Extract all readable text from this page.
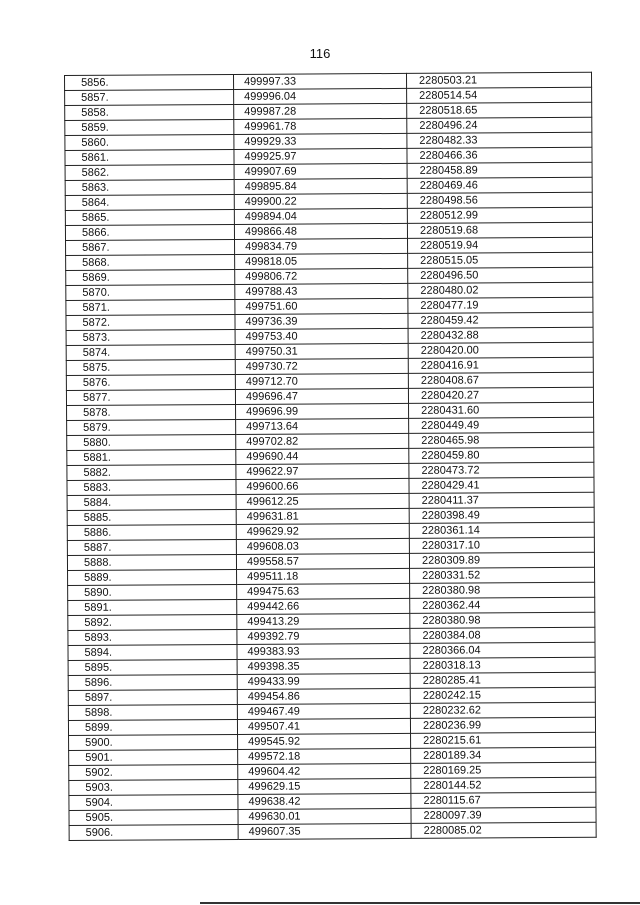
116
5856.	499997.33	2280503.21
5857.	499996.04	2280514.54
5858.	499987.28	2280518.65
5859.	499961.78	2280496.24
5860.	499929.33	2280482.33
5861.	499925.97	2280466.36
5862.	499907.69	2280458.89
5863.	499895.84	2280469.46
5864.	499900.22	2280498.56
5865.	499894.04	2280512.99
5866.	499866.48	2280519.68
5867.	499834.79	2280519.94
5868.	499818.05	2280515.05
5869.	499806.72	2280496.50
5870.	499788.43	2280480.02
5871.	499751.60	2280477.19
5872.	499736.39	2280459.42
5873.	499753.40	2280432.88
5874.	499750.31	2280420.00
5875.	499730.72	2280416.91
5876.	499712.70	2280408.67
5877.	499696.47	2280420.27
5878.	499696.99	2280431.60
5879.	499713.64	2280449.49
5880.	499702.82	2280465.98
5881.	499690.44	2280459.80
5882.	499622.97	2280473.72
5883.	499600.66	2280429.41
5884.	499612.25	2280411.37
5885.	499631.81	2280398.49
5886.	499629.92	2280361.14
5887.	499608.03	2280317.10
5888.	499558.57	2280309.89
5889.	499511.18	2280331.52
5890.	499475.63	2280380.98
5891.	499442.66	2280362.44
5892.	499413.29	2280380.98
5893.	499392.79	2280384.08
5894.	499383.93	2280366.04
5895.	499398.35	2280318.13
5896.	499433.99	2280285.41
5897.	499454.86	2280242.15
5898.	499467.49	2280232.62
5899.	499507.41	2280236.99
5900.	499545.92	2280215.61
5901.	499572.18	2280189.34
5902.	499604.42	2280169.25
5903.	499629.15	2280144.52
5904.	499638.42	2280115.67
5905.	499630.01	2280097.39
5906.	499607.35	2280085.02
